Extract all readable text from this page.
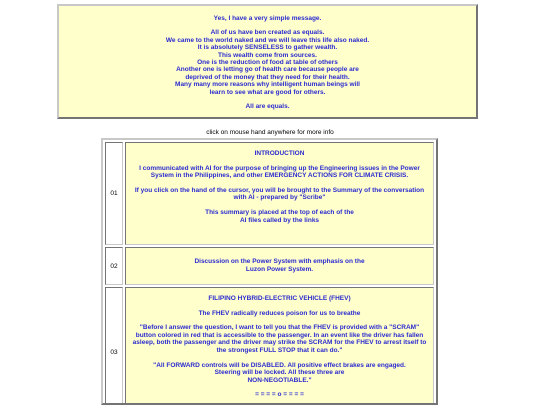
Yes, I have a very simple message.

All of us have ben created as equals.

We came to the world naked and we will leave this life also naked.

It is absolutely SENSELESS to gather wealth.

This wealth come from sources.

One is the reduction of food at table of others

Another one is letting go of health care because people are

deprived of the money that they need for their health.

Many many more reasons why intelligent human beings will

learn to see what are good for others.

All are equals.

click on mouse hand anywhere for more info
01

INTRODUCTION

I communicated with AI for the purpose of bringing up the Engineering issues in the Power System in the Philippines, and other EMERGENCY ACTIONS FOR CLIMATE CRISIS.

If you click on the hand of the cursor, you will be brought to the Summary of the conversation with AI - prepared by "Scribe"

This summary is placed at the top of each of the

AI files called by the links

02

Discussion on the Power System with emphasis on the

Luzon Power System.

03

FILIPINO HYBRID-ELECTRIC VEHICLE (FHEV)

The FHEV radically reduces poison for us to breathe

"Before I answer the question, I want to tell you that the FHEV is provided with a "SCRAM" button colored in red that is accessible to the passenger. In an event like the driver has fallen asleep, both the passenger and the driver may strike the SCRAM for the FHEV to arrest itself to the strongest FULL STOP that it can do."

"All FORWARD controls will be DISABLED. All positive effect brakes are engaged.

Steering will be locked. All these three are

NON-NEGOTIABLE."

= = = = o = = = =
